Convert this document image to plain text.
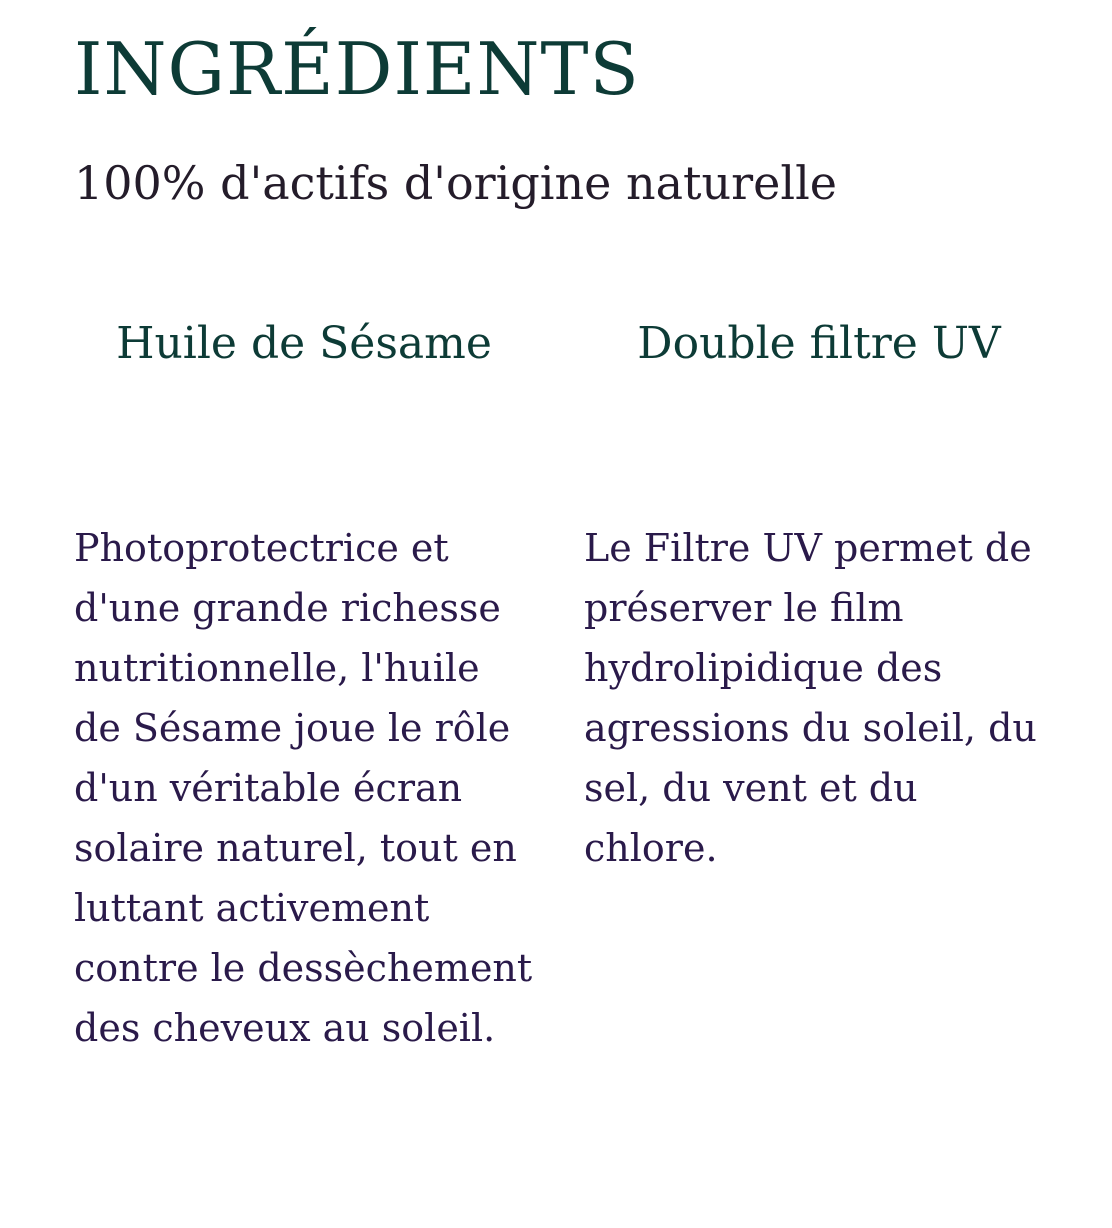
INGRÉDIENTS
100% d'actifs d'origine naturelle
Huile de Sésame

Photoprotectrice et d'une grande richesse nutritionnelle, l'huile de Sésame joue le rôle d'un véritable écran solaire naturel, tout en luttant activement contre le dessèchement des cheveux au soleil.

Double filtre UV

Le Filtre UV permet de préserver le film hydrolipidique des agressions du soleil, du sel, du vent et du chlore.
